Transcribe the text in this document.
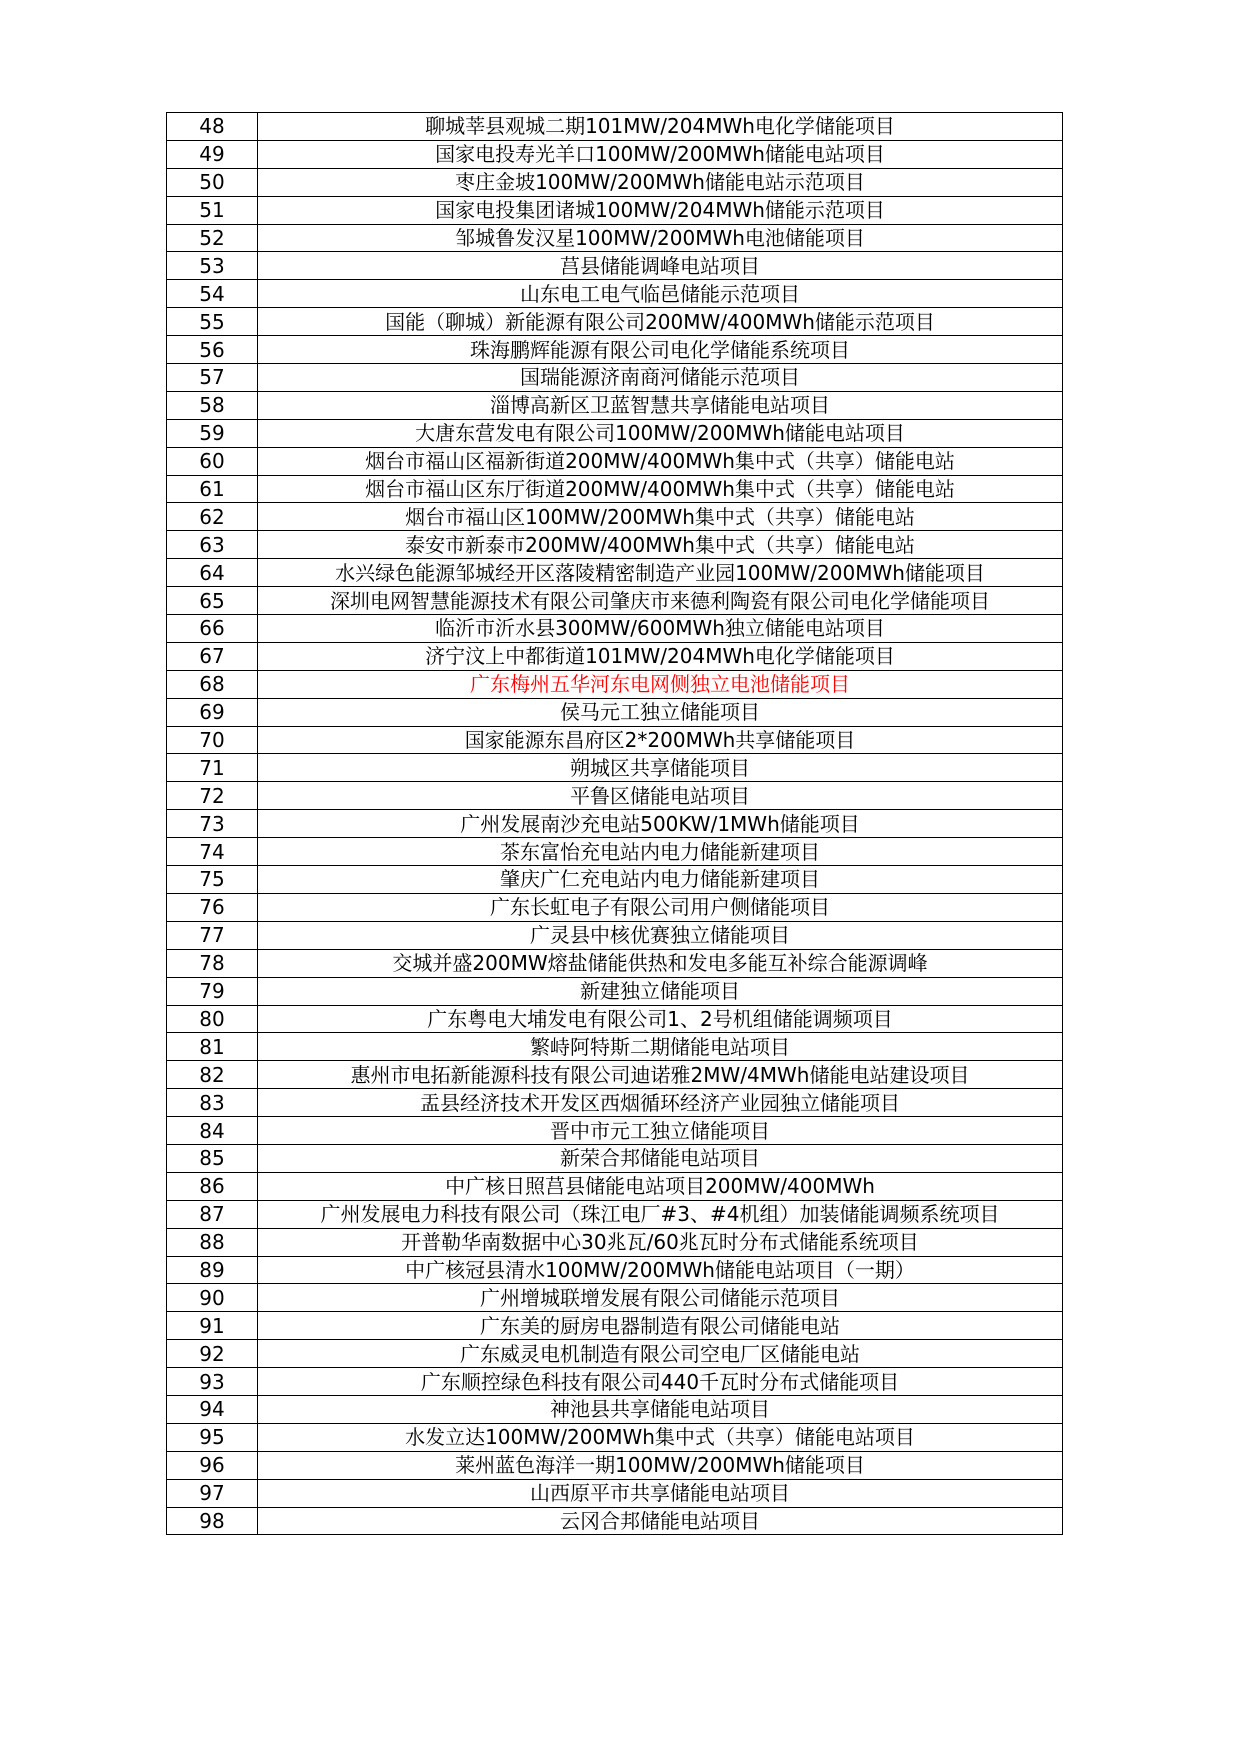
48	聊城莘县观城二期101MW/204MWh电化学储能项目
49	国家电投寿光羊口100MW/200MWh储能电站项目
50	枣庄金坡100MW/200MWh储能电站示范项目
51	国家电投集团诸城100MW/204MWh储能示范项目
52	邹城鲁发汉星100MW/200MWh电池储能项目
53	莒县储能调峰电站项目
54	山东电工电气临邑储能示范项目
55	国能（聊城）新能源有限公司200MW/400MWh储能示范项目
56	珠海鹏辉能源有限公司电化学储能系统项目
57	国瑞能源济南商河储能示范项目
58	淄博高新区卫蓝智慧共享储能电站项目
59	大唐东营发电有限公司100MW/200MWh储能电站项目
60	烟台市福山区福新街道200MW/400MWh集中式（共享）储能电站
61	烟台市福山区东厅街道200MW/400MWh集中式（共享）储能电站
62	烟台市福山区100MW/200MWh集中式（共享）储能电站
63	泰安市新泰市200MW/400MWh集中式（共享）储能电站
64	水兴绿色能源邹城经开区落陵精密制造产业园100MW/200MWh储能项目
65	深圳电网智慧能源技术有限公司肇庆市来德利陶瓷有限公司电化学储能项目
66	临沂市沂水县300MW/600MWh独立储能电站项目
67	济宁汶上中都街道101MW/204MWh电化学储能项目
68	广东梅州五华河东电网侧独立电池储能项目
69	侯马元工独立储能项目
70	国家能源东昌府区2*200MWh共享储能项目
71	朔城区共享储能项目
72	平鲁区储能电站项目
73	广州发展南沙充电站500KW/1MWh储能项目
74	茶东富怡充电站内电力储能新建项目
75	肇庆广仁充电站内电力储能新建项目
76	广东长虹电子有限公司用户侧储能项目
77	广灵县中核优赛独立储能项目
78	交城并盛200MW熔盐储能供热和发电多能互补综合能源调峰
79	新建独立储能项目
80	广东粤电大埔发电有限公司1、2号机组储能调频项目
81	繁峙阿特斯二期储能电站项目
82	惠州市电拓新能源科技有限公司迪诺雅2MW/4MWh储能电站建设项目
83	盂县经济技术开发区西烟循环经济产业园独立储能项目
84	晋中市元工独立储能项目
85	新荣合邦储能电站项目
86	中广核日照莒县储能电站项目200MW/400MWh
87	广州发展电力科技有限公司（珠江电厂#3、#4机组）加装储能调频系统项目
88	开普勒华南数据中心30兆瓦/60兆瓦时分布式储能系统项目
89	中广核冠县清水100MW/200MWh储能电站项目（一期）
90	广州增城联增发展有限公司储能示范项目
91	广东美的厨房电器制造有限公司储能电站
92	广东威灵电机制造有限公司空电厂区储能电站
93	广东顺控绿色科技有限公司440千瓦时分布式储能项目
94	神池县共享储能电站项目
95	水发立达100MW/200MWh集中式（共享）储能电站项目
96	莱州蓝色海洋一期100MW/200MWh储能项目
97	山西原平市共享储能电站项目
98	云冈合邦储能电站项目
